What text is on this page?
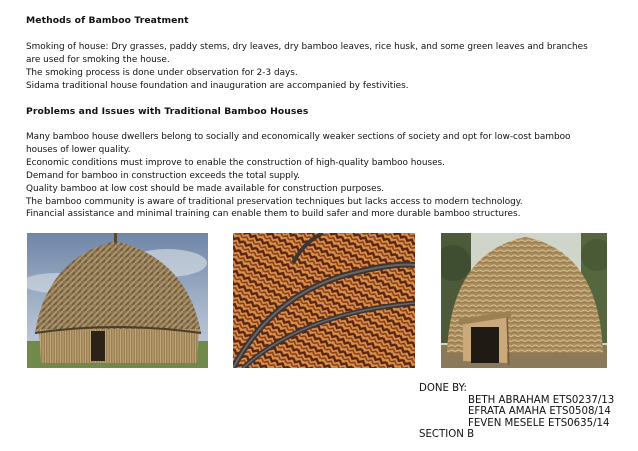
Methods of Bamboo Treatment

Smoking of house: Dry grasses, paddy stems, dry leaves, dry bamboo leaves, rice husk, and some green leaves and branches
are used for smoking the house.
The smoking process is done under observation for 2-3 days.
Sidama traditional house foundation and inauguration are accompanied by festivities.

Problems and Issues with Traditional Bamboo Houses

Many bamboo house dwellers belong to socially and economically weaker sections of society and opt for low-cost bamboo
houses of lower quality.
Economic conditions must improve to enable the construction of high-quality bamboo houses.
Demand for bamboo in construction exceeds the total supply.
Quality bamboo at low cost should be made available for construction purposes.
The bamboo community is aware of traditional preservation techniques but lacks access to modern technology.
Financial assistance and minimal training can enable them to build safer and more durable bamboo structures.

DONE BY:
BETH ABRAHAM ETS0237/13
EFRATA AMAHA ETS0508/14
FEVEN MESELE ETS0635/14
SECTION B
